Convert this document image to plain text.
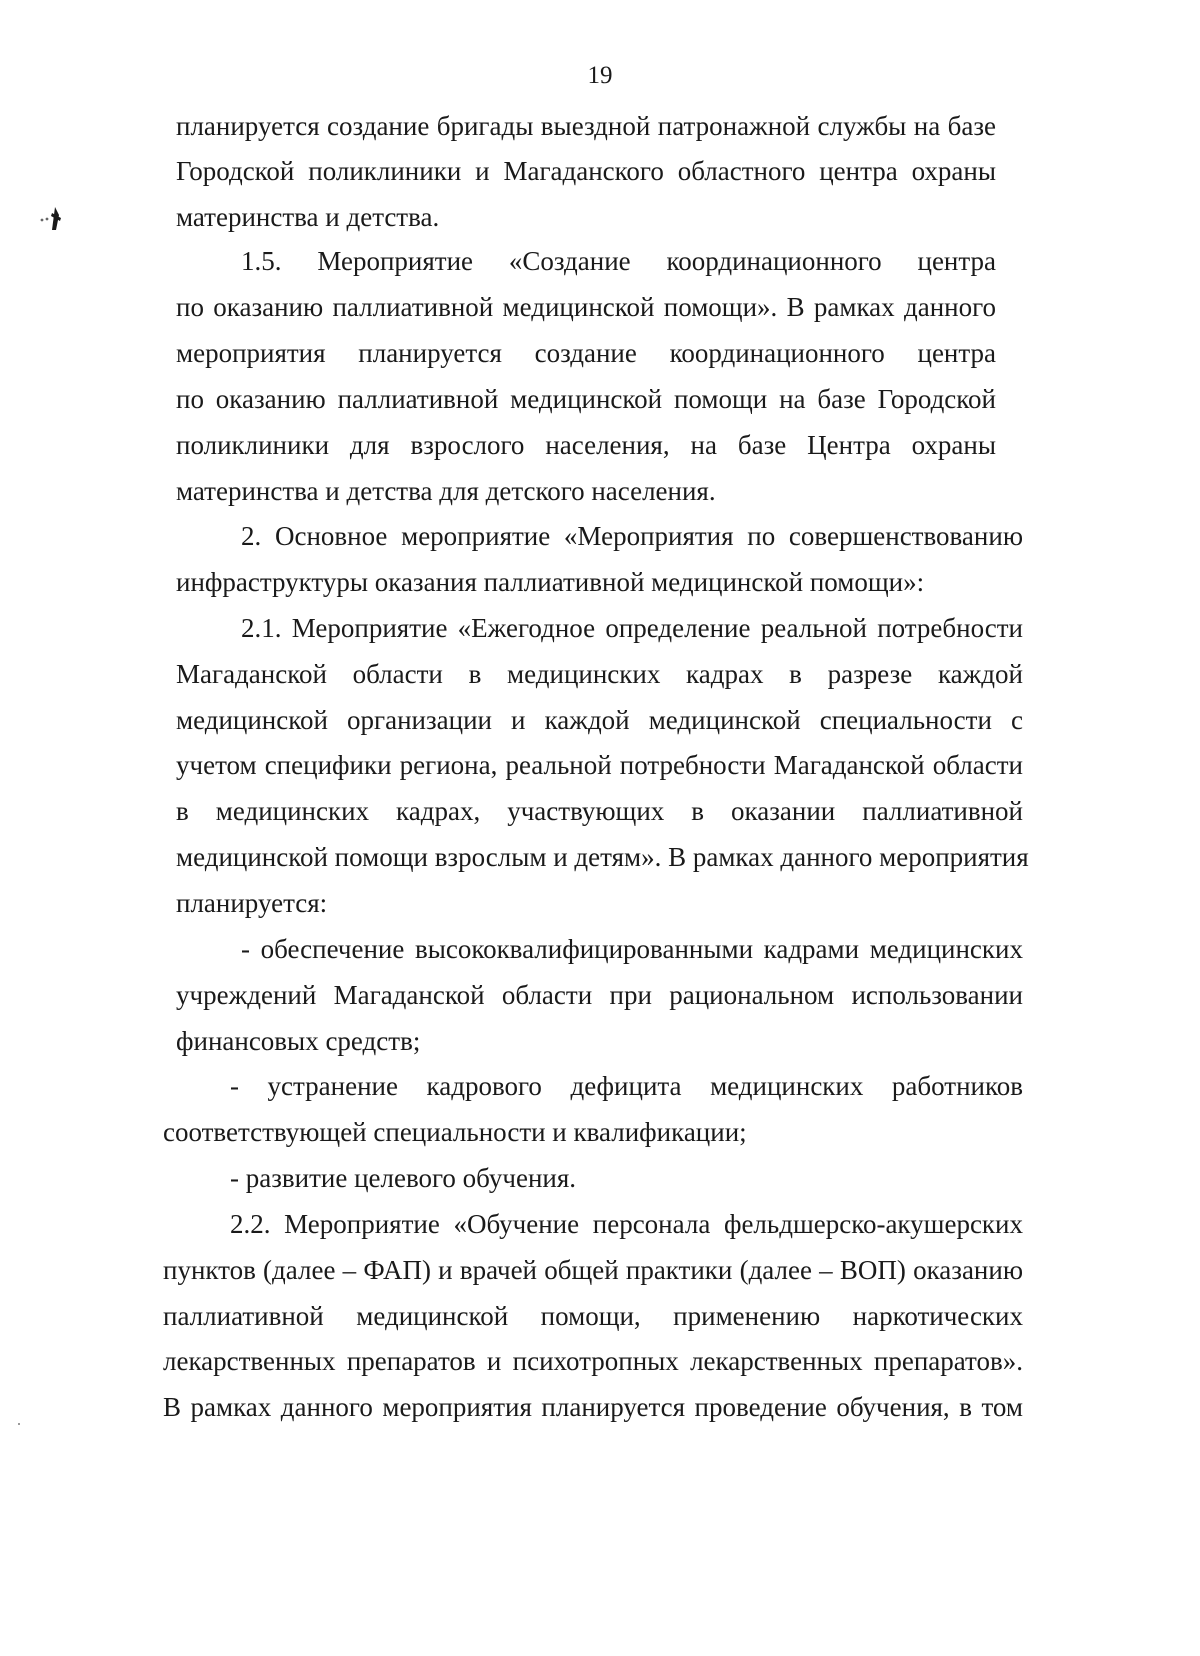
19
планируется создание бригады выездной патронажной службы на базе
Городской поликлиники и Магаданского областного центра охраны
материнства и детства.
1.5. Мероприятие «Создание координационного центра
по оказанию паллиативной медицинской помощи». В рамках данного
мероприятия планируется создание координационного центра
по оказанию паллиативной медицинской помощи на базе Городской
поликлиники для взрослого населения, на базе Центра охраны
материнства и детства для детского населения.
2. Основное мероприятие «Мероприятия по совершенствованию
инфраструктуры оказания паллиативной медицинской помощи»:
2.1. Мероприятие «Ежегодное определение реальной потребности
Магаданской области в медицинских кадрах в разрезе каждой
медицинской организации и каждой медицинской специальности с
учетом специфики региона, реальной потребности Магаданской области
в медицинских кадрах, участвующих в оказании паллиативной
медицинской помощи взрослым и детям». В рамках данного мероприятия
планируется:
- обеспечение высококвалифицированными кадрами медицинских
учреждений Магаданской области при рациональном использовании
финансовых средств;
- устранение кадрового дефицита медицинских работников
соответствующей специальности и квалификации;
- развитие целевого обучения.
2.2. Мероприятие «Обучение персонала фельдшерско-акушерских
пунктов (далее – ФАП) и врачей общей практики (далее – ВОП) оказанию
паллиативной медицинской помощи, применению наркотических
лекарственных препаратов и психотропных лекарственных препаратов».
В рамках данного мероприятия планируется проведение обучения, в том
